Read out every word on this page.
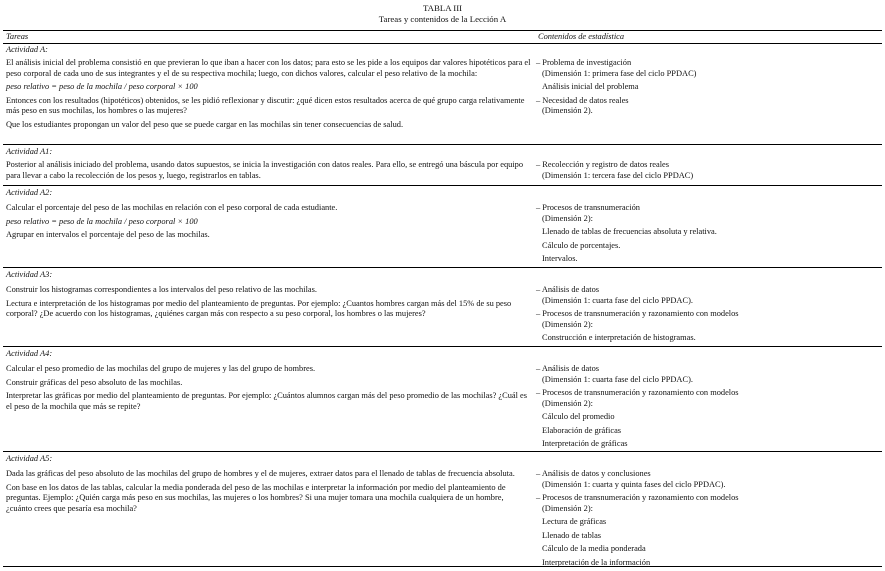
TABLA III
Tareas y contenidos de la Lección A
Tareas	Contenidos de estadística
Actividad A:
El análisis inicial del problema consistió en que previeran lo que iban a hacer con los datos; para esto se les pide a los equipos dar valores hipotéticos para el peso corporal de cada uno de sus integrantes y el de su respectiva mochila; luego, con dichos valores, calcular el peso relativo de la mochila:
peso relativo = peso de la mochila / peso corporal × 100
Entonces con los resultados (hipotéticos) obtenidos, se les pidió reflexionar y discutir: ¿qué dicen estos resultados acerca de qué grupo carga relativamente más peso en sus mochilas, los hombres o las mujeres?
Que los estudiantes propongan un valor del peso que se puede cargar en las mochilas sin tener consecuencias de salud.
– Problema de investigación
(Dimensión 1: primera fase del ciclo PPDAC)
Análisis inicial del problema
– Necesidad de datos reales
(Dimensión 2).
Actividad A1:
Posterior al análisis iniciado del problema, usando datos supuestos, se inicia la investigación con datos reales. Para ello, se entregó una báscula por equipo para llevar a cabo la recolección de los pesos y, luego, registrarlos en tablas.
– Recolección y registro de datos reales
(Dimensión 1: tercera fase del ciclo PPDAC)
Actividad A2:
Calcular el porcentaje del peso de las mochilas en relación con el peso corporal de cada estudiante.
peso relativo = peso de la mochila / peso corporal × 100
Agrupar en intervalos el porcentaje del peso de las mochilas.
– Procesos de transnumeración
(Dimensión 2):
Llenado de tablas de frecuencias absoluta y relativa.
Cálculo de porcentajes.
Intervalos.
Actividad A3:
Construir los histogramas correspondientes a los intervalos del peso relativo de las mochilas.
Lectura e interpretación de los histogramas por medio del planteamiento de preguntas. Por ejemplo: ¿Cuantos hombres cargan más del 15% de su peso corporal? ¿De acuerdo con los histogramas, ¿quiénes cargan más con respecto a su peso corporal, los hombres o las mujeres?
– Análisis de datos
(Dimensión 1: cuarta fase del ciclo PPDAC).
– Procesos de transnumeración y razonamiento con modelos
(Dimensión 2):
Construcción e interpretación de histogramas.
Actividad A4:
Calcular el peso promedio de las mochilas del grupo de mujeres y las del grupo de hombres.
Construir gráficas del peso absoluto de las mochilas.
Interpretar las gráficas por medio del planteamiento de preguntas. Por ejemplo: ¿Cuántos alumnos cargan más del peso promedio de las mochilas? ¿Cuál es el peso de la mochila que más se repite?
– Análisis de datos
(Dimensión 1: cuarta fase del ciclo PPDAC).
– Procesos de transnumeración y razonamiento con modelos
(Dimensión 2):
Cálculo del promedio
Elaboración de gráficas
Interpretación de gráficas
Actividad A5:
Dada las gráficas del peso absoluto de las mochilas del grupo de hombres y el de mujeres, extraer datos para el llenado de tablas de frecuencia absoluta.
Con base en los datos de las tablas, calcular la media ponderada del peso de las mochilas e interpretar la información por medio del planteamiento de preguntas. Ejemplo: ¿Quién carga más peso en sus mochilas, las mujeres o los hombres? Si una mujer tomara una mochila cualquiera de un hombre, ¿cuánto crees que pesaría esa mochila?
– Análisis de datos y conclusiones
(Dimensión 1: cuarta y quinta fases del ciclo PPDAC).
– Procesos de transnumeración y razonamiento con modelos
(Dimensión 2):
Lectura de gráficas
Llenado de tablas
Cálculo de la media ponderada
Interpretación de la información
